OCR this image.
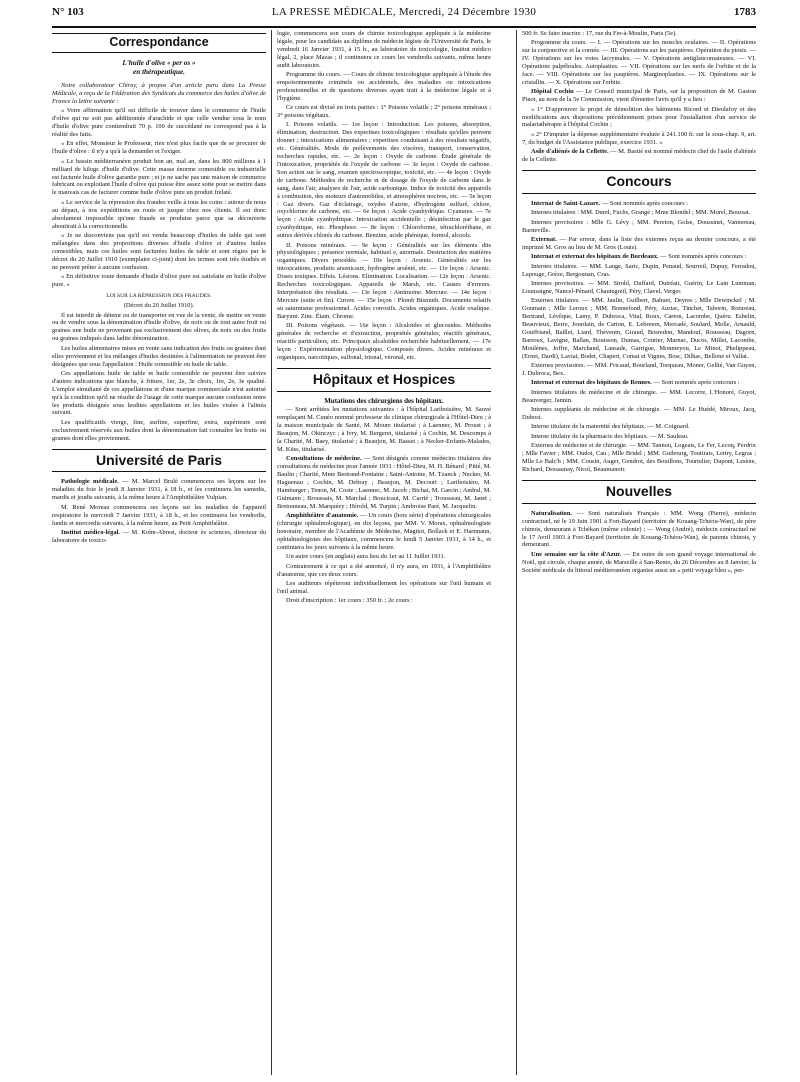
N° 103	LA PRESSE MÉDICALE, Mercredi, 24 Décembre 1930	1783
Correspondance
L'huile d'olive « per os »
en thérapeutique.

Notre collaborateur Chiray, à propos d'un article paru dans La Presse Médicale, a reçu de la Fédération des Syndicats du commerce des huiles d'olive de France la lettre suivante :

« Votre affirmation qu'il est difficile de trouver dans le commerce de l'huile d'olive qui ne soit pas additionnée d'arachide et que celle vendue sous le nom d'huile d'olive pure contiendrait 70 p. 100 de succédané ne correspond pas à la réalité des faits.

« En effet, Monsieur le Professeur, rien n'est plus facile que de se procurer de l'huile d'olive : il n'y a qu'à la demander et l'exiger.

« Le bassin méditerranéen produit bon an, mal an, dans les 800 millions à 1 milliard de kilogr. d'huile d'olive. Cette masse énorme comestible ou industrielle est facturée huile d'olive garantie pure ; et je ne sache pas une maison de commerce fabricant ou exploitant l'huile d'olive qui puisse être assez sotte pour se mettre dans le mauvais cas de facturer comme huile d'olive pure un produit frelaté.

« Le service de la répression des fraudes veille à tous les coins : autour de nous au départ, à nos expéditions en route et jusque chez nos clients. Il est donc absolument impossible qu'une fraude se produise parce que sa découverte aboutirait à la correctionnelle.

« Je ne disconviens pas qu'il est vendu beaucoup d'huiles de table qui sont mélangées dans des proportions diverses d'huile d'olive et d'autres huiles comestibles, mais ces huiles sont facturées huiles de table et sont régies par le décret du 20 Juillet 1910 (exemplaire ci-joint) dont les termes sont très étudiés et ne peuvent prêter à aucune confusion.

« En définitive toute demande d'huile d'olive pure est satisfaite en huile d'olive pure. »

LOI SUR LA RÉPRESSION DES FRAUDES.

(Décret du 20 Juillet 1910).

Il est interdit de détenir ou de transporter en vue de la vente, de mettre en vente ou de vendre sous la dénomination d'huile d'olive, de noix ou de tout autre fruit ou graines une huile ne provenant pas exclusivement des olives, de noix ou des fruits ou graines indiqués dans ladite dénomination.

Les huiles alimentaires mises en vente sans indication des fruits ou graines dont elles proviennent et les mélanges d'huiles destinées à l'alimentation ne peuvent être désignées que sous l'appellation : Huile comestible ou huile de table.

Ces appellations huile de table et huile comestible ne peuvent être suivies d'autres indications que blanche, à friture, 1er, 2e, 3e choix, 1re, 2e, 3e qualité. L'emploi simultané de ces appellations et d'une marque commerciale n'est autorisé qu'à la condition qu'il ne résulte de l'usage de cette marque aucune confusion entre les produits désignés sous lesdites appellations et les huiles visées à l'alinéa suivant.

Les qualificatifs vierge, fine, surfine, superfine, extra, supérieure sont exclusivement réservés aux huiles dont la dénomination fait connaître les fruits ou graines dont elles proviennent.

Université de Paris

Pathologie médicale. — M. Marcel Brulé commencera ses leçons sur les maladies du foie le jeudi 8 Janvier 1931, à 18 h., et les continuera les samedis, mardis et jeudis suivants, à la même heure à l'Amphithéâtre Vulpian.

M. René Moreau commencera ses leçons sur les maladies de l'appareil respiratoire le mercredi 7 Janvier 1931, à 18 h., et les continuera les vendredis, lundis et mercredis suivants, à la même heure, au Petit Amphithéâtre.

Institut médico-légal. — M. Kohn-Abrest, docteur ès sciences, directeur du laboratoire de toxico-

logie, commencera son cours de chimie toxicologique appliquée à la médecine légale, pour les candidats au diplôme de médecin légiste de l'Université de Paris, le vendredi 16 Janvier 1931, à 15 h., au laboratoire de toxicologie, Institut médico légal, 2, place Mazas ; il continuera ce cours les vendredis suivants, même heure audit laboratoire.

Programme du cours. — Cours de chimie toxicologique appliquée à l'étude des empoisonnements criminels ou accidentels, des maladies ou intoxications professionnelles et de questions diverses ayant trait à la médecine légale et à l'hygiène.

Ce cours est divisé en trois parties : 1° Poisons volatils ; 2° poisons minéraux ; 3° poisons végétaux.

I. Poisons volatils. — 1re leçon : Introduction. Les poisons, absorption, élimination, destruction. Des expertises toxicologiques : résultats qu'elles peuvent donner ; intoxications alimentaires ; expertises conduisant à des résultats négatifs, etc. Généralités. Mode de prélèvements des viscères, transport, conservation, recherches rapides, etc. — 2e leçon : Oxyde de carbone. Étude générale de l'intoxication, propriétés de l'oxyde de carbone — 3e leçon : Oxyde de carbone. Son action sur le sang, examen spectroscopique, toxicité, etc. — 4e leçon : Oxyde de carbone. Méthodes de recherche et de dosage de l'oxyde de carbone dans le sang, dans l'air, analyses de l'air, acide carbonique. Indice de toxicité des appareils à combustion, des moteurs d'automobiles, et atmosphères nocives, etc. — 5e leçon : Gaz divers. Gaz d'éclairage, oxydes d'azote, d'hydrogène sulfuré, chlore, oxychlorure de carbone, etc. — 6e leçon : Acide cyanhydrique. Cyanures. — 7e leçon : Acide cyanhydrique. Intoxication accidentelle ; désinfection par le gaz cyanhydrique, etc. Phosphore. — 8e leçon : Chloroforme, tétrachloréthane, et autres dérivés chlorés du carbone. Benzine, acide phénique, formol, alcools.

II. Poisons minéraux. — 9e leçon : Généralités sur les éléments dits physiologiques ; présence normale, habituel e, anormale. Destruction des matières organiques. Divers procédés. — 10e leçon : Arsenic. Généralités sur les intoxications, produits arsenicaux, hydrogène arsénié, etc. — 11e leçon : Arsenic. Doses toxiques. Effets. Lésions. Elimination. Localisation. — 12e leçon : Arsenic. Recherches toxicologiques. Appareils de Marsh, etc. Causes d'erreurs. Interprétation des résultats. — 13e leçon : Antimoine. Mercure. — 14e leçon : Mercure (suite et fin). Cuivre. — 15e leçon : Plomb Bismuth. Documents relatifs au saturnisme professionnel. Acides corrosifs. Acides organiques. Acide oxalique. Baryum. Zinc. Étain. Chrome.

III. Poisons végétaux. — 16e leçon : Alcaloïdes et glucosides. Méthodes générales de recherche et d'extraction, propriétés générales, réactifs généraux, réactifs particuliers, etc. Principaux alcaloïdes recherchés habituellement. — 17e leçon : Expérimentation physiologique. Composés divers. Acides minéraux et organiques, narcotiques, sulfonal, trional, véronal, etc.

Hôpitaux et Hospices
Mutations des chirurgiens des hôpitaux.

— Sont arrêtées les mutations suivantes : à l'hôpital Lariboisière, M. Sauvé remplaçant M. Cunéo nommé professeur de clinique chirurgicale à l'Hôtel-Dieu ; à la maison municipale de Santé, M. Moure titularisé ; à Laennec, M. Proust ; à Beaujon, M. Okinczyc ; à Ivry, M. Bergeret, titularisé ; à Cochin, M. Descomps à la Charité, M. Baey, titularisé ; à Beaujon, M. Basset ; à Necker-Enfants-Malades, M. Küss, titularisé.

Consultations de médecine. — Sont désignés comme médecins titulaires des consultations de médecine pour l'année 1931 : Hôtel-Dieu, M. H. Bénard ; Pitié, M. Baulin ; Charité, Mme Bertrand-Fontaine ; Saint-Antoine, M. Tzanck ; Necker, M. Haguenau ; Cochin, M. Debray ; Beaujon, M. Decourt ; Lariboisière, M. Hamburger ; Tenon, M. Coste ; Laennec, M. Jacob ; Bichat, M. Garcin ; Andral, M. Guimann ; Broussais, M. Marchal ; Boucicaut, M. Carrié ; Trousseau, M. Janet ; Bretonneau, M. Marquézy ; Hérold, M. Turpin ; Ambroise Paré, M. Jacquelin.

Amphithéâtre d'anatomie. — Un cours (hors série) d'opérations chirurgicales (chirurgie ophtalmologique), en dix leçons, par MM. V. Morax, ophtalmologiste honoraire, membre de l'Académie de Médecine, Magitot, Bollack et E. Hartmann, ophtalmologistes des hôpitaux, commencera le lundi 5 Janvier 1931, à 14 h., et continuera les jours suivants à la même heure.

Un autre cours (en anglais) aura lieu du 1er au 11 Juillet 1931.

Contrairement à ce qui a été annoncé, il n'y aura, en 1931, à l'Amphithéâtre d'anatomie, que ces deux cours.

Les auditeurs répéteront individuellement les opérations sur l'œil humain et l'œil animal.

Droit d'inscription : 1er cours : 350 fr. ; 2e cours :

500 fr. Se faire inscrire : 17, rue du Fer-à-Moulin, Paris (5e).

Programme du cours. — I. — Opérations sur les muscles oculaires. — II. Opérations sur la conjonctive et la cornée. — III. Opérations sur les paupières. Opération du ptosis. — IV. Opérations sur les voies lacrymales. — V. Opérations antiglaucomateuses. — VI. Opérations palpébrales. Autoplasties. — VII. Opérations sur les nerfs de l'orbite et de la face. — VIII. Opérations sur les paupières. Marginoplasties. — IX. Opérations sur le cristallin. — X. Opérations sur l'orbite.

Hôpital Cochin — Le Conseil municipal de Paris, sur la proposition de M. Gaston Pinot, au nom de la 5e Commission, vient d'émettre l'avis qu'il y a lieu :

« 1° D'approuver le projet de démolition des bâtiments Ricord et Dieulafoy et des modifications aux dispositions précédemment prises pour l'installation d'un service de malariathérapie à l'hôpital Cochin ;

« 2° D'imputer la dépense supplémentaire évaluée à 241.100 fr. sur le sous-chap. 9, art. 7, du budget de l'Assistance publique, exercice 1931. »

Asile d'aliénés de la Cellette. — M. Bastié est nommé médecin chef de l'asile d'aliénés de la Cellette.

Concours

Internat de Saint-Lazare. — Sont nommés après concours :

Internes titulaires : MM. Durel, Fuchs, Grangé ; Mme Blondel ; MM. Morel, Boursat.

Internes provisoires : Mlle G. Lévy ; MM. Pereton, Golse, Doussinet, Vannereau, Barneville.

Externat. — Par erreur, dans la liste des externes reçus au dernier concours, a été imprimé M. Gros au lieu de M. Gros (Louis).

Internat et externat des hôpitaux de Bordeaux. — Sont nommés après concours :

Internes titulaires. — MM. Lauge, Saric, Dupin, Penaud, Sourreil, Dupuy, Ferradou, Lapouge, Grèze, Bergounan, Cras.

Internes provisoires. — MM. Strohl, Duffard, Dutréait, Guérin, Le Lain Lumman, Lounsaigne, Nancel-Pénard, Chautegreil, Péry, Clavel, Verger.

Externes titulaires. — MM. Jaulin, Guilbert, Bahuet, Deyres ; Mlle Dewinckel ; M. Goumain ; Mlle Leroux ; MM. Bonnefond, Péry, Auriac, Tinchet, Taborin, Rotureau, Bertrand, Lévêque, Lamy, P. Dubroca, Vital, Roux, Carton, Lacombe, Quéru. Esbelin, Beauvieux, Berre, Jourdain, de Carton, E. Lebreton, Mercadé, Soulard, Molle, Arnauld, Gouffriand, Baillet, Liard, Thévenin, Giraud, Bosredon, Mandouf, Rousseau, Dagorn, Barroux, Lavigne, Ballan, Bouisson, Dumas, Courier, Marnac, Ducos, Millet, Lacombe, Moulènes, Joffre, Marchand, Lansade, Garrigue, Monmeyou, Le Minot, Phelippeau, (Ernet, Dardi), Laviat, Bodet, Chapert, Comat et Vignes, Bosc, Dilhac, Bellone et Vallat.

Externes provisoires. — MM. Fricaud, Bourland, Torqueau, Moner, Gellié, Van Guyen, J. Dubroca, Bex.

Internat et externat des hôpitaux de Rennes. — Sont nommés après concours :

Internes titulaires de médecine et de chirurgie. — MM. Lecorre, L'Honoré, Guyot, Beauverger, Jannin.

Internes suppléants de médecine et de chirurgie. — MM. Le Huédé, Miroux, Jacq, Dubost.

Interne titulaire de la maternité des hôpitaux. — M. Coignard.

Interne titulaire de la pharmacie des hôpitaux. — M. Sauleau.

Externes de médecine et de chirurgie. — MM. Tannou, Logeais, Le Fer, Lecoq, Perdrix ; Mlle Favier ; MM. Oudot, Cau ; Mlle Bridel ; MM. Guibourg, Toutirais, Lettry, Legras ; Mlle Le Balc'h ; MM. Cousin, Auger, Gendrot, des Bouillons, Tourtelier, Dupont, Lesène, Richard, Dessaunay, Nicol, Beaumanoir.

Nouvelles

Naturalisation. — Sont naturalisés Français : MM. Wong (Pierre), médecin contractuel, né le 19 Juin 1901 à Fort-Bayard (territoire de Kouang-Tchéou-Wan), de père chinois, demeurant à Tchékan (même colonie) ; — Wong (André), médecin contractuel né le 17 Avril 1903 à Fort-Bayard (territoire de Kouang-Tchéou-Wan), de parents chinois, y demeurant.

Une semaine sur la côte d'Azur. — En outre de son grand voyage international de Noël, qui circule, chaque année, de Marseille à San-Remo, du 26 Décembre au 8 Janvier, la Société médicale du littoral méditerranéen organise aussi un « petit voyage bleu », per-
